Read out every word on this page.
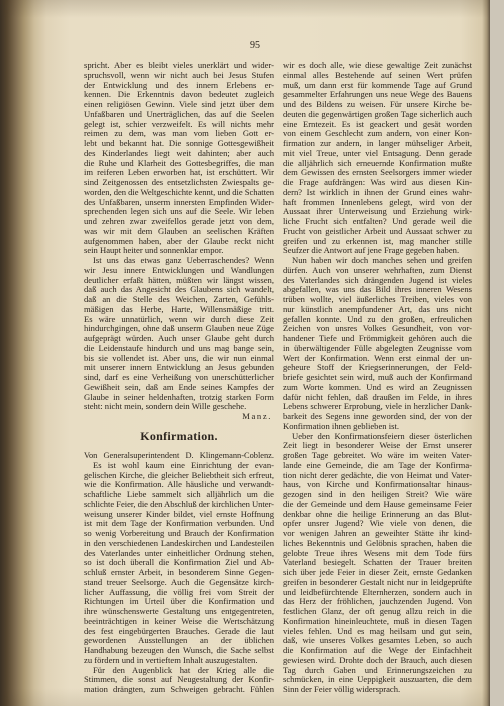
95
spricht. Aber es bleibt vieles unerklärt und wider-
spruchsvoll, wenn wir nicht auch bei Jesus Stufen
der Entwicklung und des innern Erlebens er-
kennen. Die Erkenntnis davon bedeutet zugleich
einen religiösen Gewinn. Viele sind jetzt über dem
Unfaßbaren und Unerträglichen, das auf die Seelen
gelegt ist, schier verzweifelt. Es will nichts mehr
reimen zu dem, was man vom lieben Gott er-
lebt und bekannt hat. Die sonnige Gottesgewißheit
des Kinderlandes liegt weit dahinten; aber auch
die Ruhe und Klarheit des Gottesbegriffes, die man
im reiferen Leben erworben hat, ist erschüttert. Wir
sind Zeitgenossen des entsetzlichsten Zwiespalts ge-
worden, den die Weltgeschichte kennt, und die Schatten
des Unfaßbaren, unserm innersten Empfinden Wider-
sprechenden legen sich uns auf die Seele. Wir leben
und zehren zwar zweifellos gerade jetzt von dem,
was wir mit dem Glauben an seelischen Kräften
aufgenommen haben, aber der Glaube reckt nicht
sein Haupt heiter und sonnenklar empor.
Ist uns das etwas ganz Ueberraschendes? Wenn
wir Jesu innere Entwicklungen und Wandlungen
deutlicher erfaßt hätten, müßten wir längst wissen,
daß auch das Angesicht des Glaubens sich wandelt,
daß an die Stelle des Weichen, Zarten, Gefühls-
mäßigen das Herbe, Harte, Willensmäßige tritt.
Es wäre unnatürlich, wenn wir durch diese Zeit
hindurchgingen, ohne daß unserm Glauben neue Züge
aufgeprägt würden. Auch unser Glaube geht durch
die Leidenstaufe hindurch und uns mag bange sein,
bis sie vollendet ist. Aber uns, die wir nun einmal
mit unserer innern Entwicklung an Jesus gebunden
sind, darf es eine Verheißung von unerschütterlicher
Gewißheit sein, daß am Ende seines Kampfes der
Glaube in seiner heldenhaften, trotzig starken Form
steht: nicht mein, sondern dein Wille geschehe.
Manz.
Konfirmation.
Von Generalsuperintendent D. Klingemann-Coblenz.
Es ist wohl kaum eine Einrichtung der evan-
gelischen Kirche, die gleicher Beliebtheit sich erfreut,
wie die Konfirmation. Alle häusliche und verwandt-
schaftliche Liebe sammelt sich alljährlich um die
schlichte Feier, die den Abschluß der kirchlichen Unter-
weisung unserer Kinder bildet, viel ernste Hoffnung
ist mit dem Tage der Konfirmation verbunden. Und
so wenig Vorbereitung und Brauch der Konfirmation
in den verschiedenen Landeskirchen und Landesteilen
des Vaterlandes unter einheitlicher Ordnung stehen,
so ist doch überall die Konfirmation Ziel und Ab-
schluß ernster Arbeit, in besonderem Sinne Gegen-
stand treuer Seelsorge. Auch die Gegensätze kirch-
licher Auffassung, die völlig frei vom Streit der
Richtungen im Urteil über die Konfirmation und
ihre wünschenswerte Gestaltung uns entgegentreten,
beeinträchtigen in keiner Weise die Wertschätzung
des fest eingebürgerten Brauches. Gerade die laut
gewordenen Ausstellungen an der üblichen
Handhabung bezeugen den Wunsch, die Sache selbst
zu fördern und in vertieftem Inhalt auszugestalten.
Für den Augenblick hat der Krieg alle die
Stimmen, die sonst auf Neugestaltung der Konfir-
mation drängten, zum Schweigen gebracht. Fühlen
wir es doch alle, wie diese gewaltige Zeit zunächst
einmal alles Bestehende auf seinen Wert prüfen
muß, um dann erst für kommende Tage auf Grund
gesammelter Erfahrungen uns neue Wege des Bauens
und des Bildens zu weisen. Für unsere Kirche be-
deuten die gegenwärtigen großen Tage sicherlich auch
eine Erntezeit. Es ist geackert und gesät worden
von einem Geschlecht zum andern, von einer Kon-
firmation zur andern, in langer mühseliger Arbeit,
mit viel Treue, unter viel Entsagung. Denn gerade
die alljährlich sich erneuernde Konfirmation mußte
dem Gewissen des ernsten Seelsorgers immer wieder
die Frage aufdrängen: Was wird aus diesen Kin-
dern? Ist wirklich in ihnen der Grund eines wahr-
haft frommen Innenlebens gelegt, wird von der
Aussaat ihrer Unterweisung und Erziehung wirk-
liche Frucht sich entfalten? Und gerade weil die
Frucht von geistlicher Arbeit und Aussaat schwer zu
greifen und zu erkennen ist, mag mancher stille
Seufzer die Antwort auf jene Frage gegeben haben.
Nun haben wir doch manches sehen und greifen
dürfen. Auch von unserer wehrhaften, zum Dienst
des Vaterlandes sich drängenden Jugend ist vieles
abgefallen, was uns das Bild ihres inneren Wesens
trüben wollte, viel äußerliches Treiben, vieles von
nur künstlich anempfundener Art, das uns nicht
gefallen konnte. Und zu den großen, erfreulichen
Zeichen von unsres Volkes Gesundheit, von vor-
handener Tiefe und Frömmigkeit gehören auch die
in überwältigender Fülle abgelegten Zeugnisse vom
Wert der Konfirmation. Wenn erst einmal der un-
geheure Stoff der Kriegserinnerungen, der Feld-
briefe gesichtet sein wird, muß auch der Konfirmand
zum Worte kommen. Und es wird an Zeugnissen
dafür nicht fehlen, daß draußen im Felde, in ihres
Lebens schwerer Erprobung, viele in herzlicher Dank-
barkeit des Segens inne geworden sind, der von der
Konfirmation ihnen geblieben ist.
Ueber den Konfirmationsfeiern dieser österlichen
Zeit liegt in besonderer Weise der Ernst unserer
großen Tage gebreitet. Wo wäre im weiten Vater-
lande eine Gemeinde, die am Tage der Konfirma-
tion nicht derer gedächte, die von Heimat und Vater-
haus, von Kirche und Konfirmationsaltar hinaus-
gezogen sind in den heiligen Streit? Wie wäre
die der Gemeinde und dem Hause gemeinsame Feier
denkbar ohne die heilige Erinnerung an das Blut-
opfer unsrer Jugend? Wie viele von denen, die
vor wenigen Jahren an geweihter Stätte ihr kind-
liches Bekenntnis und Gelöbnis sprachen, haben die
gelobte Treue ihres Wesens mit dem Tode fürs
Vaterland besiegelt. Schatten der Trauer breiten
sich über jede Feier in dieser Zeit, ernste Gedanken
greifen in besonderer Gestalt nicht nur in leidgeprüfte
und leidbefürchtende Elternherzen, sondern auch in
das Herz der fröhlichen, jauchzenden Jugend. Von
festlichen Glanz, der oft genug allzu reich in die
Konfirmation hineinleuchtete, muß in diesen Tagen
vieles fehlen. Und es mag heilsam und gut sein,
daß, wie unseres Volkes gesamtes Leben, so auch
die Konfirmation auf die Wege der Einfachheit
gewiesen wird. Drohte doch der Brauch, auch diesen
Tag durch Gaben und Erinnerungszeichen zu
schmücken, in eine Ueppigkeit auszuarten, die dem
Sinn der Feier völlig widersprach.
